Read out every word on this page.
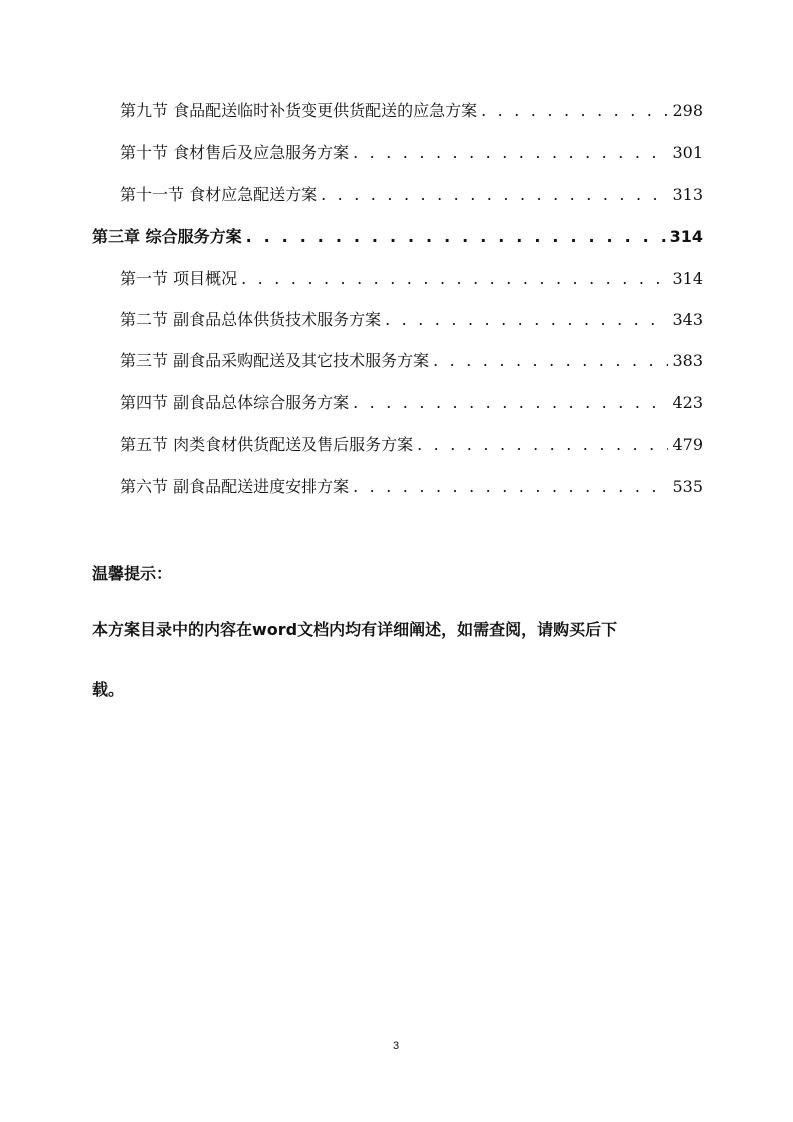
第九节 食品配送临时补货变更供货配送的应急方案 . . .	298
第十节 食材售后及应急服务方案 . . .	301
第十一节 食材应急配送方案 . . .	313
第三章 综合服务方案 . . .	314
第一节 项目概况 . . .	314
第二节 副食品总体供货技术服务方案 . . .	343
第三节 副食品采购配送及其它技术服务方案 . . .	383
第四节 副食品总体综合服务方案 . . .	423
第五节 肉类食材供货配送及售后服务方案 . . .	479
第六节 副食品配送进度安排方案 . . .	535
温馨提示：
本方案目录中的内容在word文档内均有详细阐述，如需查阅，请购买后下
载。
3
